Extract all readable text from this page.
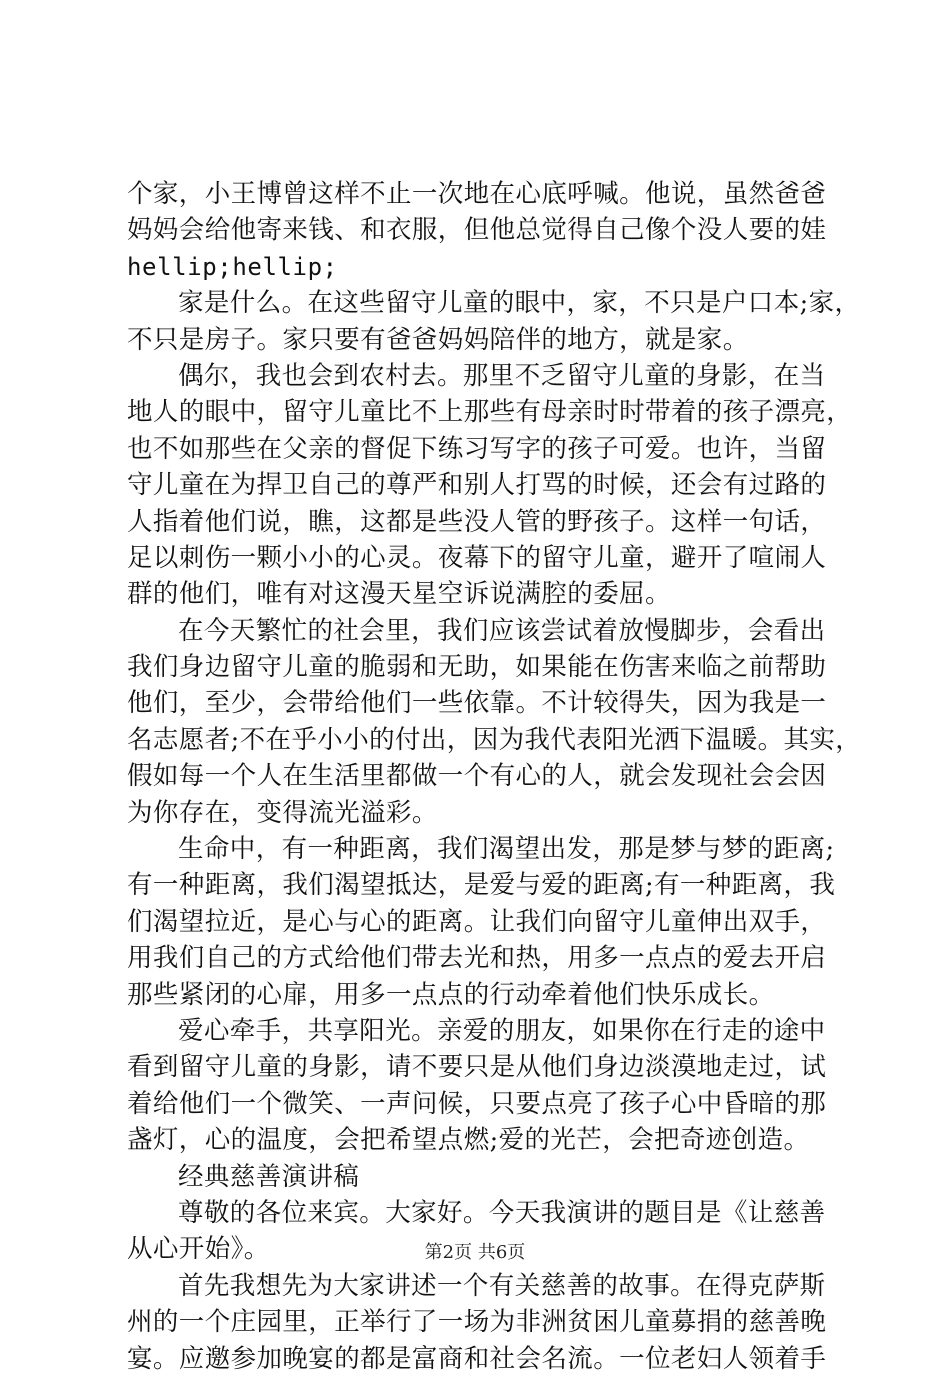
个家，小王博曾这样不止一次地在心底呼喊。他说，虽然爸爸
妈妈会给他寄来钱、和衣服，但他总觉得自己像个没人要的娃
hellip;hellip;
家是什么。在这些留守儿童的眼中，家，不只是户口本;家，
不只是房子。家只要有爸爸妈妈陪伴的地方，就是家。
偶尔，我也会到农村去。那里不乏留守儿童的身影，在当
地人的眼中，留守儿童比不上那些有母亲时时带着的孩子漂亮，
也不如那些在父亲的督促下练习写字的孩子可爱。也许，当留
守儿童在为捍卫自己的尊严和别人打骂的时候，还会有过路的
人指着他们说，瞧，这都是些没人管的野孩子。这样一句话，
足以刺伤一颗小小的心灵。夜幕下的留守儿童，避开了喧闹人
群的他们，唯有对这漫天星空诉说满腔的委屈。
在今天繁忙的社会里，我们应该尝试着放慢脚步，会看出
我们身边留守儿童的脆弱和无助，如果能在伤害来临之前帮助
他们，至少，会带给他们一些依靠。不计较得失，因为我是一
名志愿者;不在乎小小的付出，因为我代表阳光洒下温暖。其实，
假如每一个人在生活里都做一个有心的人，就会发现社会会因
为你存在，变得流光溢彩。
生命中，有一种距离，我们渴望出发，那是梦与梦的距离;
有一种距离，我们渴望抵达，是爱与爱的距离;有一种距离，我
们渴望拉近，是心与心的距离。让我们向留守儿童伸出双手，
用我们自己的方式给他们带去光和热，用多一点点的爱去开启
那些紧闭的心扉，用多一点点的行动牵着他们快乐成长。
爱心牵手，共享阳光。亲爱的朋友，如果你在行走的途中
看到留守儿童的身影，请不要只是从他们身边淡漠地走过，试
着给他们一个微笑、一声问候，只要点亮了孩子心中昏暗的那
盏灯，心的温度，会把希望点燃;爱的光芒，会把奇迹创造。
经典慈善演讲稿
尊敬的各位来宾。大家好。今天我演讲的题目是《让慈善
从心开始》。
首先我想先为大家讲述一个有关慈善的故事。在得克萨斯
州的一个庄园里，正举行了一场为非洲贫困儿童募捐的慈善晚
宴。应邀参加晚宴的都是富商和社会名流。一位老妇人领着手
第2页 共6页
